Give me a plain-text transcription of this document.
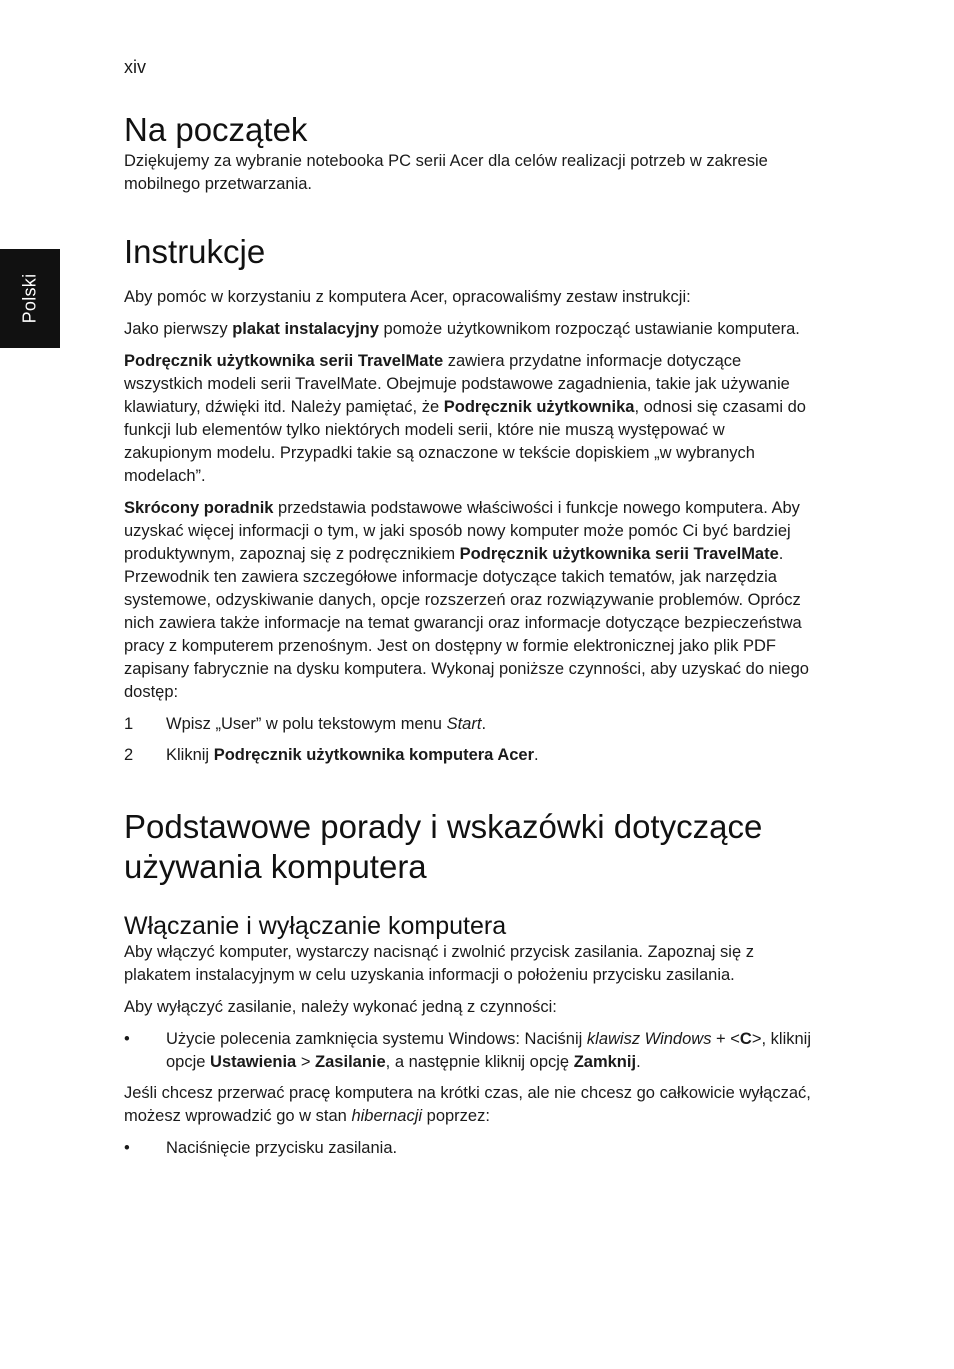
xiv
Polski
Na początek

Dziękujemy za wybranie notebooka PC serii Acer dla celów realizacji potrzeb w zakresie mobilnego przetwarzania.

Instrukcje

Aby pomóc w korzystaniu z komputera Acer, opracowaliśmy zestaw instrukcji:

Jako pierwszy plakat instalacyjny pomoże użytkownikom rozpocząć ustawianie komputera.

Podręcznik użytkownika serii TravelMate zawiera przydatne informacje dotyczące wszystkich modeli serii TravelMate. Obejmuje podstawowe zagadnienia, takie jak używanie klawiatury, dźwięki itd. Należy pamiętać, że Podręcznik użytkownika, odnosi się czasami do funkcji lub elementów tylko niektórych modeli serii, które nie muszą występować w zakupionym modelu. Przypadki takie są oznaczone w tekście dopiskiem „w wybranych modelach”.

Skrócony poradnik przedstawia podstawowe właściwości i funkcje nowego komputera. Aby uzyskać więcej informacji o tym, w jaki sposób nowy komputer może pomóc Ci być bardziej produktywnym, zapoznaj się z podręcznikiem Podręcznik użytkownika serii TravelMate. Przewodnik ten zawiera szczegółowe informacje dotyczące takich tematów, jak narzędzia systemowe, odzyskiwanie danych, opcje rozszerzeń oraz rozwiązywanie problemów. Oprócz nich zawiera także informacje na temat gwarancji oraz informacje dotyczące bezpieczeństwa pracy z komputerem przenośnym. Jest on dostępny w formie elektronicznej jako plik PDF zapisany fabrycznie na dysku komputera. Wykonaj poniższe czynności, aby uzyskać do niego dostęp:

1	Wpisz „User” w polu tekstowym menu Start.
2	Kliknij Podręcznik użytkownika komputera Acer.
Podstawowe porady i wskazówki dotyczące używania komputera
Włączanie i wyłączanie komputera

Aby włączyć komputer, wystarczy nacisnąć i zwolnić przycisk zasilania. Zapoznaj się z plakatem instalacyjnym w celu uzyskania informacji o położeniu przycisku zasilania.

Aby wyłączyć zasilanie, należy wykonać jedną z czynności:

•	Użycie polecenia zamknięcia systemu Windows: Naciśnij klawisz Windows + <C>, kliknij opcje Ustawienia > Zasilanie, a następnie kliknij opcję Zamknij.

Jeśli chcesz przerwać pracę komputera na krótki czas, ale nie chcesz go całkowicie wyłączać, możesz wprowadzić go w stan hibernacji poprzez:

•	Naciśnięcie przycisku zasilania.
